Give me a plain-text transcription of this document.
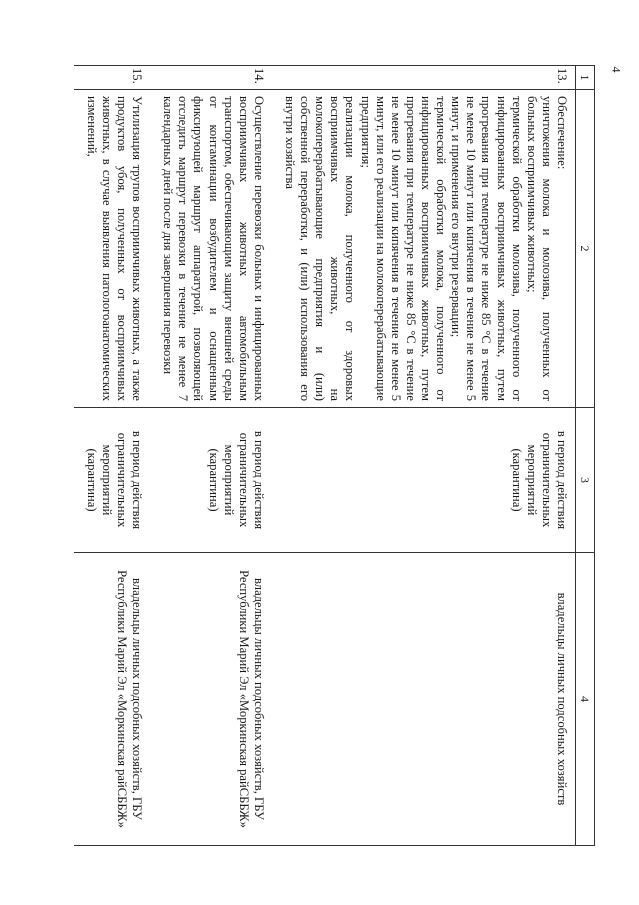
4
1	2	3	4
13.	Обеспечение:

уничтожения молока и молозива, полученных от больных восприимчивых животных;

термической обработки молозива, полученного от инфицированных восприимчивых животных, путем прогревания при температуре не ниже 85 °С в течение не менее 10 минут или кипячения в течение не менее 5 минут, и применения его внутри резервации;

термической обработки молока, полученного от инфицированных восприимчивых животных, путем прогревания при температуре не ниже 85 °С в течение не менее 10 минут или кипячения в течение не менее 5 минут, или его реализации на молокоперерабатывающие предприятия;

реализации молока, полученного от здоровых восприимчивых животных, на молокоперерабатывающие предприятия и (или) собственной переработки, и (или) использования его внутри хозяйства	в период действия ограничительных мероприятий (карантина)	владельцы личных подсобных хозяйств
14.	Осуществление перевозки больных и инфицированных восприимчивых животных автомобильным транспортом, обеспечивающим защиту внешней среды от контаминации возбудителем и оснащенным фиксирующей маршрут аппаратурой, позволяющей отследить маршрут перевозки в течение не менее 7 календарных дней после дня завершения перевозки	в период действия ограничительных мероприятий (карантина)	владельцы личных подсобных хозяйств, ГБУ Республики Марий Эл «Моркинская райСББЖ»
15.	Утилизация трупов восприимчивых животных, а также продуктов убоя, полученных от восприимчивых животных, в случае выявления патологоанатомических изменений,	в период действия ограничительных мероприятий (карантина)	владельцы личных подсобных хозяйств, ГБУ Республики Марий Эл «Моркинская райСББЖ»
